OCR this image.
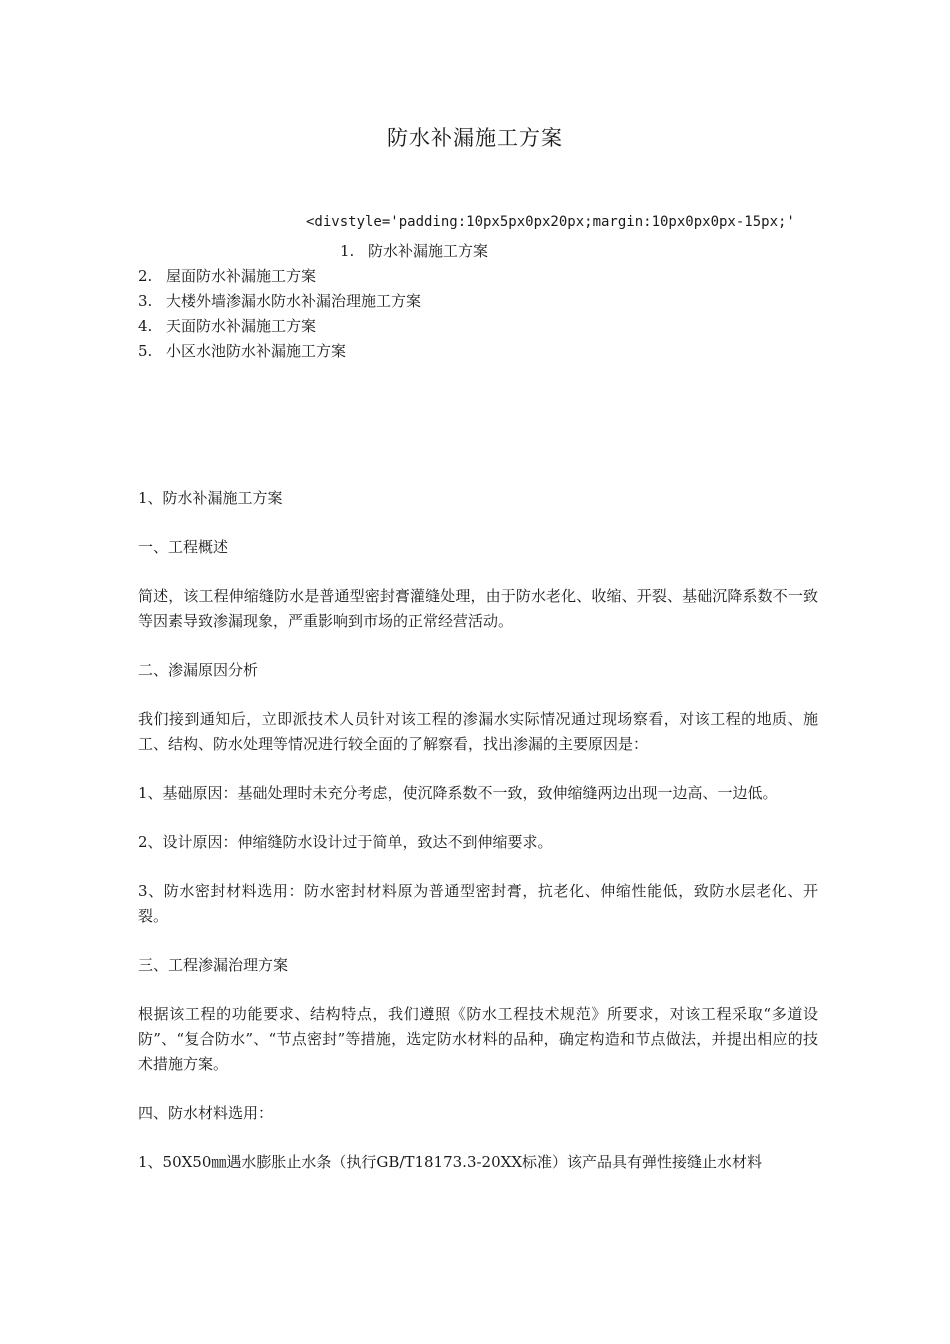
防水补漏施工方案
<divstyle='padding:10px5px0px20px;margin:10px0px0px-15px;'
1. 防水补漏施工方案
2. 屋面防水补漏施工方案
3. 大楼外墙渗漏水防水补漏治理施工方案
4. 天面防水补漏施工方案
5. 小区水池防水补漏施工方案

1、防水补漏施工方案

一、工程概述

简述，该工程伸缩缝防水是普通型密封膏灌缝处理，由于防水老化、收缩、开裂、基础沉降系数不一致等因素导致渗漏现象，严重影响到市场的正常经营活动。

二、渗漏原因分析

我们接到通知后，立即派技术人员针对该工程的渗漏水实际情况通过现场察看，对该工程的地质、施工、结构、防水处理等情况进行较全面的了解察看，找出渗漏的主要原因是：

1、基础原因：基础处理时未充分考虑，使沉降系数不一致，致伸缩缝两边出现一边高、一边低。

2、设计原因：伸缩缝防水设计过于简单，致达不到伸缩要求。

3、防水密封材料选用：防水密封材料原为普通型密封膏，抗老化、伸缩性能低，致防水层老化、开裂。

三、工程渗漏治理方案

根据该工程的功能要求、结构特点，我们遵照《防水工程技术规范》所要求，对该工程采取“多道设防”、“复合防水”、“节点密封”等措施，选定防水材料的品种，确定构造和节点做法，并提出相应的技术措施方案。

四、防水材料选用：

1、50X50㎜遇水膨胀止水条（执行GB/T18173.3-20XX标准）该产品具有弹性接缝止水材料
